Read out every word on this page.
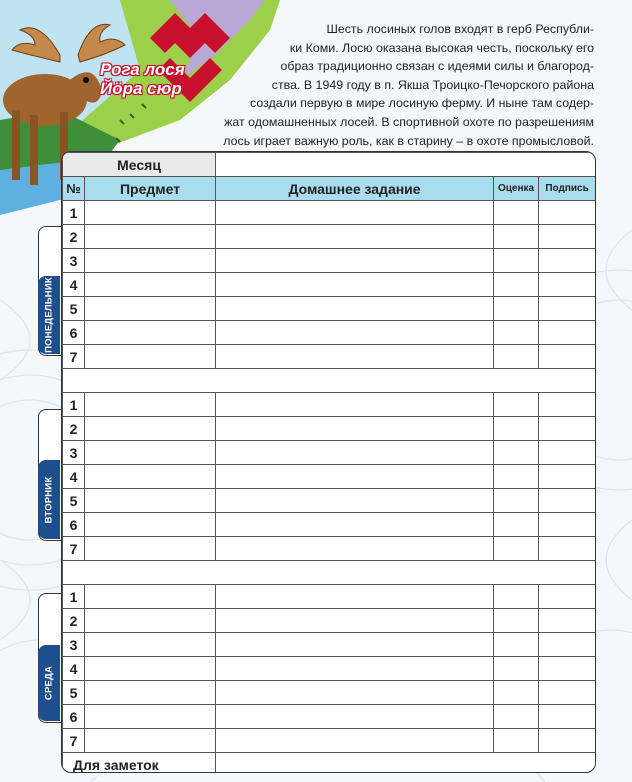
Рога лося
Йöра сюр
Шесть лосиных голов входят в герб Республи-
ки Коми. Лосю оказана высокая честь, поскольку его
образ традиционно связан с идеями силы и благород-
ства. В 1949 году в п. Якша Троицко-Печорского района
создали первую в мире лосиную ферму. И ныне там содер-
жат одомашненных лосей. В спортивной охоте по разрешениям
лось играет важную роль, как в старину – в охоте промысловой.
ПОНЕДЕЛЬНИК
ВТОРНИК
СРЕДА
Месяц				
№	Предмет	Домашнее задание	Оценка	Подпись
1				
2				
3				
4				
5				
6				
7				

1				
2				
3				
4				
5				
6				
7				

1				
2				
3				
4				
5				
6				
7				
Для заметок				
